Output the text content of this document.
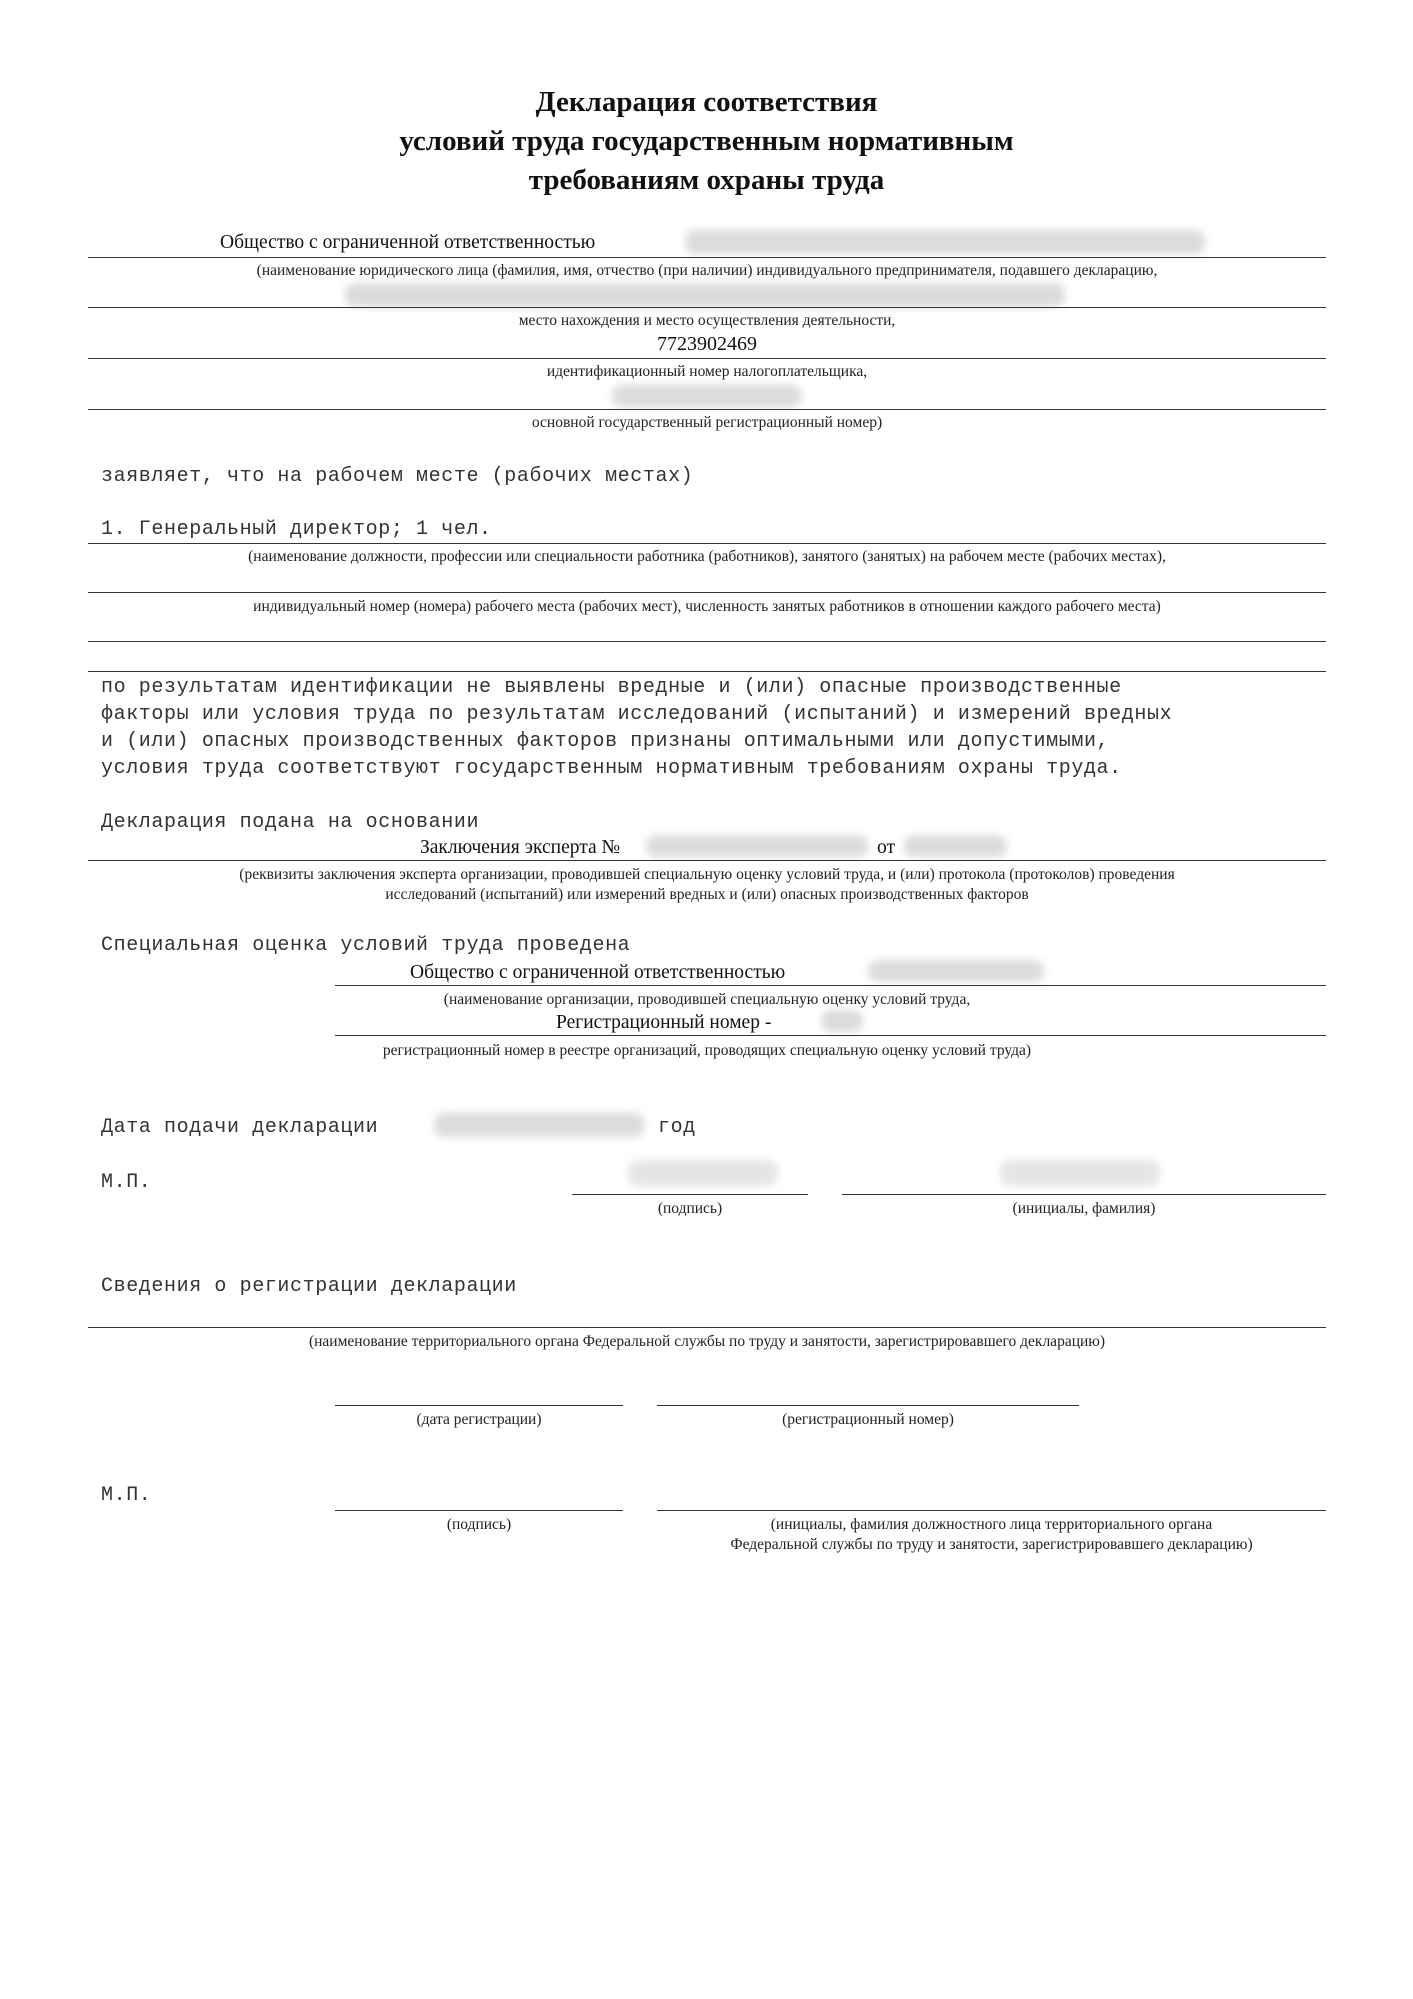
Декларация соответствия
условий труда государственным нормативным
требованиям охраны труда
Общество с ограниченной ответственностью
(наименование юридического лица (фамилия, имя, отчество (при наличии) индивидуального предпринимателя, подавшего декларацию,
место нахождения и место осуществления деятельности,
7723902469
идентификационный номер налогоплательщика,
основной государственный регистрационный номер)
заявляет, что на рабочем месте (рабочих местах)
1. Генеральный директор; 1 чел.
(наименование должности, профессии или специальности работника (работников), занятого (занятых) на рабочем месте (рабочих местах),
индивидуальный номер (номера) рабочего места (рабочих мест), численность занятых работников в отношении каждого рабочего места)
по результатам идентификации не выявлены вредные и (или) опасные производственные
факторы или условия труда по результатам исследований (испытаний) и измерений вредных
и (или) опасных производственных факторов признаны оптимальными или допустимыми,
условия труда соответствуют государственным нормативным требованиям охраны труда.
Декларация подана на основании
Заключения эксперта №	от
(реквизиты заключения эксперта организации, проводившей специальную оценку условий труда, и (или) протокола (протоколов) проведения
исследований (испытаний) или измерений вредных и (или) опасных производственных факторов
Специальная оценка условий труда проведена
Общество с ограниченной ответственностью
(наименование организации, проводившей специальную оценку условий труда,
Регистрационный номер -
регистрационный номер в реестре организаций, проводящих специальную оценку условий труда)
Дата подачи декларации	год
М.П.
(подпись)	(инициалы, фамилия)
Сведения о регистрации декларации
(наименование территориального органа Федеральной службы по труду и занятости, зарегистрировавшего декларацию)
(дата регистрации)	(регистрационный номер)
М.П.
(подпись)	(инициалы, фамилия должностного лица территориального органа
Федеральной службы по труду и занятости, зарегистрировавшего декларацию)
